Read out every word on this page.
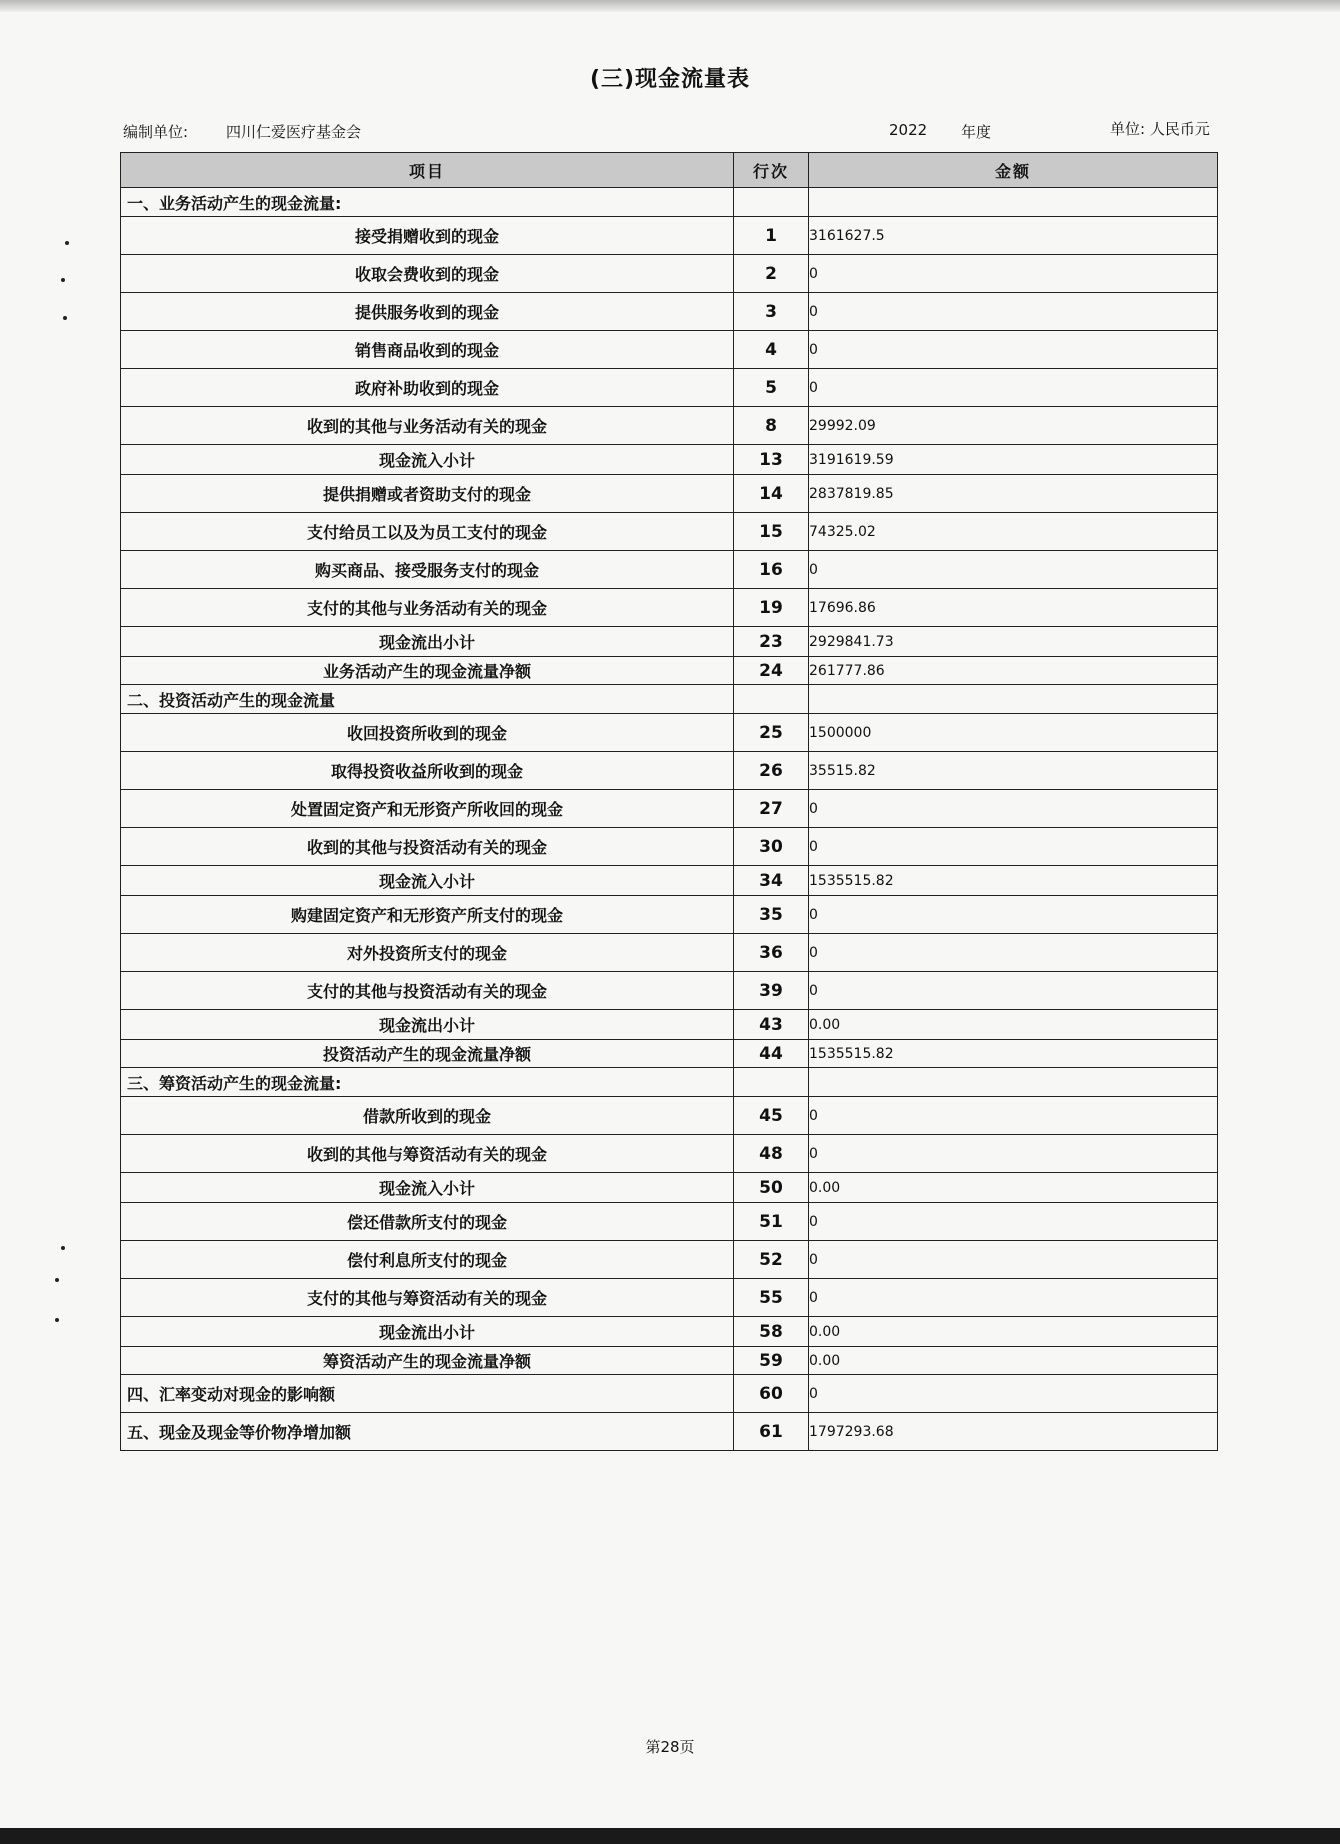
(三)现金流量表
编制单位:	四川仁爱医疗基金会	2022 年度	单位: 人民币元
项目	行次	金额
一、业务活动产生的现金流量:		
接受捐赠收到的现金	1	3161627.5
收取会费收到的现金	2	0
提供服务收到的现金	3	0
销售商品收到的现金	4	0
政府补助收到的现金	5	0
收到的其他与业务活动有关的现金	8	29992.09
现金流入小计	13	3191619.59
提供捐赠或者资助支付的现金	14	2837819.85
支付给员工以及为员工支付的现金	15	74325.02
购买商品、接受服务支付的现金	16	0
支付的其他与业务活动有关的现金	19	17696.86
现金流出小计	23	2929841.73
业务活动产生的现金流量净额	24	261777.86
二、投资活动产生的现金流量		
收回投资所收到的现金	25	1500000
取得投资收益所收到的现金	26	35515.82
处置固定资产和无形资产所收回的现金	27	0
收到的其他与投资活动有关的现金	30	0
现金流入小计	34	1535515.82
购建固定资产和无形资产所支付的现金	35	0
对外投资所支付的现金	36	0
支付的其他与投资活动有关的现金	39	0
现金流出小计	43	0.00
投资活动产生的现金流量净额	44	1535515.82
三、筹资活动产生的现金流量:		
借款所收到的现金	45	0
收到的其他与筹资活动有关的现金	48	0
现金流入小计	50	0.00
偿还借款所支付的现金	51	0
偿付利息所支付的现金	52	0
支付的其他与筹资活动有关的现金	55	0
现金流出小计	58	0.00
筹资活动产生的现金流量净额	59	0.00
四、汇率变动对现金的影响额	60	0
五、现金及现金等价物净增加额	61	1797293.68
第28页
